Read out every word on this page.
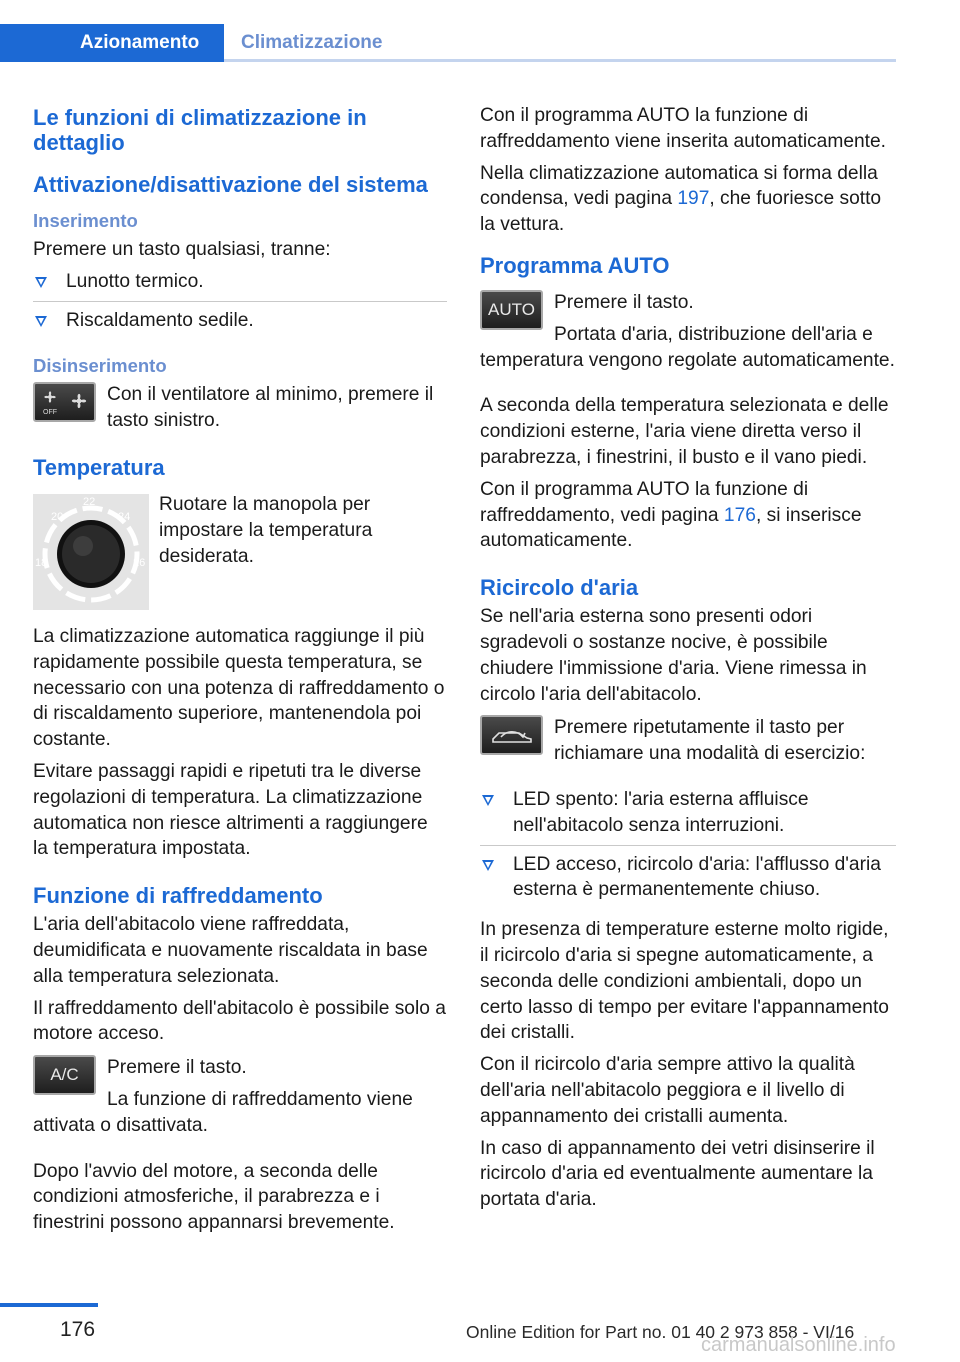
Azionamento	Climatizzazione
Le funzioni di climatizzazione in dettaglio
Attivazione/disattivazione del sistema
Inserimento

Premere un tasto qualsiasi, tranne:

Lunotto termico.
Riscaldamento sedile.
Disinserimento
OFF

Con il ventilatore al minimo, premere il tasto sinistro.

Temperatura
20
22
24
18	26

Ruotare la manopola per impostare la temperatura desiderata.

La climatizzazione automatica raggiunge il più rapidamente possibile questa temperatura, se necessario con una potenza di raffreddamento o di riscaldamento superiore, mantenendola poi costante.

Evitare passaggi rapidi e ripetuti tra le diverse regolazioni di temperatura. La climatizzazione automatica non riesce altrimenti a raggiungere la temperatura impostata.

Funzione di raffreddamento

L'aria dell'abitacolo viene raffreddata, deumidificata e nuovamente riscaldata in base alla temperatura selezionata.

Il raffreddamento dell'abitacolo è possibile solo a motore acceso.

A/C	Premere il tasto.

La funzione di raffreddamento viene attivata o disattivata.

Dopo l'avvio del motore, a seconda delle condizioni atmosferiche, il parabrezza e i finestrini possono appannarsi brevemente.

Con il programma AUTO la funzione di raffreddamento viene inserita automaticamente.

Nella climatizzazione automatica si forma della condensa, vedi pagina 197, che fuoriesce sotto la vettura.

Programma AUTO
AUTO Premere il tasto.

Portata d'aria, distribuzione dell'aria e temperatura vengono regolate automaticamente.

A seconda della temperatura selezionata e delle condizioni esterne, l'aria viene diretta verso il parabrezza, i finestrini, il busto e il vano piedi.

Con il programma AUTO la funzione di raffreddamento, vedi pagina 176, si inserisce automaticamente.

Ricircolo d'aria

Se nell'aria esterna sono presenti odori sgradevoli o sostanze nocive, è possibile chiudere l'immissione d'aria. Viene rimessa in circolo l'aria dell'abitacolo.

Premere ripetutamente il tasto per richiamare una modalità di esercizio:

LED spento: l'aria esterna affluisce nell'abitacolo senza interruzioni.
LED acceso, ricircolo d'aria: l'afflusso d'aria esterna è permanentemente chiuso.

In presenza di temperature esterne molto rigide, il ricircolo d'aria si spegne automaticamente, a seconda delle condizioni ambientali, dopo un certo lasso di tempo per evitare l'appannamento dei cristalli.

Con il ricircolo d'aria sempre attivo la qualità dell'aria nell'abitacolo peggiora e il livello di appannamento dei cristalli aumenta.

In caso di appannamento dei vetri disinserire il ricircolo d'aria ed eventualmente aumentare la portata d'aria.

176	Online Edition for Part no. 01 40 2 973 858 - VI/16
carmanualsonline.info
